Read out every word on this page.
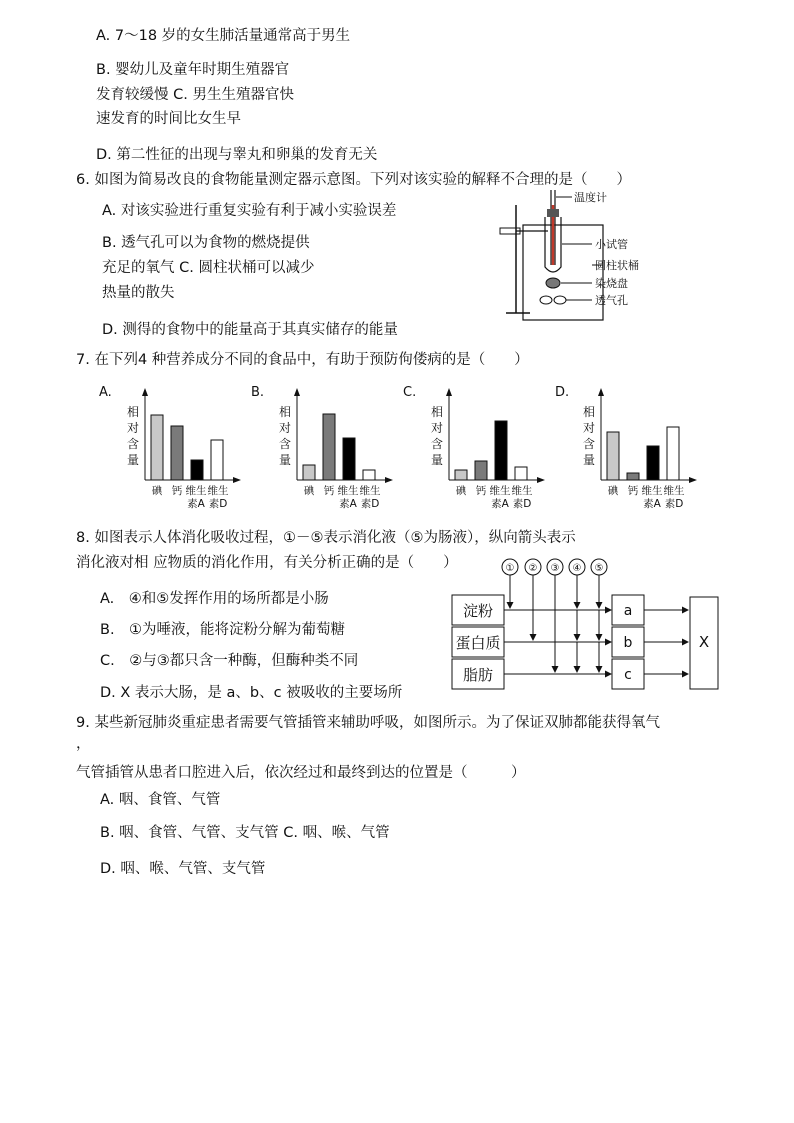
A. 7～18 岁的女生肺活量通常高于男生
B. 婴幼儿及童年时期生殖器官
发育较缓慢 C. 男生生殖器官快
速发育的时间比女生早
D. 第二性征的出现与睾丸和卵巢的发育无关
6. 如图为简易改良的食物能量测定器示意图。下列对该实验的解释不合理的是（　　）
A. 对该实验进行重复实验有利于减小实验误差
B. 透气孔可以为食物的燃烧提供
充足的氧气 C. 圆柱状桶可以减少
热量的散失
D. 测得的食物中的能量高于其真实储存的能量
温度计
小试管
圆柱状桶
染烧盘
透气孔
7. 在下列4 种营养成分不同的食品中，有助于预防佝偻病的是（　　）
A.
相
对
含
量
碘 钙 维生
素A
维生
素D
B.
相
对
含
量
碘 钙 维生
素A
维生
素D
C.
相
对
含
量
碘 钙 维生
素A
维生
素D
D.
相
对
含
量
碘 钙 维生
素A
维生
素D
8. 如图表示人体消化吸收过程，①－⑤表示消化液（⑤为肠液），纵向箭头表示
消化液对相 应物质的消化作用，有关分析正确的是（　　）
A.　④和⑤发挥作用的场所都是小肠
B.　①为唾液，能将淀粉分解为葡萄糖
C.　②与③都只含一种酶，但酶种类不同
D. X 表示大肠，是 a、b、c 被吸收的主要场所
淀粉
蛋白质
脂肪
① ② ③ ④ ⑤
a
b
c
X
9. 某些新冠肺炎重症患者需要气管插管来辅助呼吸，如图所示。为了保证双肺都能获得氧气
，
气管插管从患者口腔进入后，依次经过和最终到达的位置是（　　　）
A. 咽、食管、气管
B. 咽、食管、气管、支气管 C. 咽、喉、气管
D. 咽、喉、气管、支气管
